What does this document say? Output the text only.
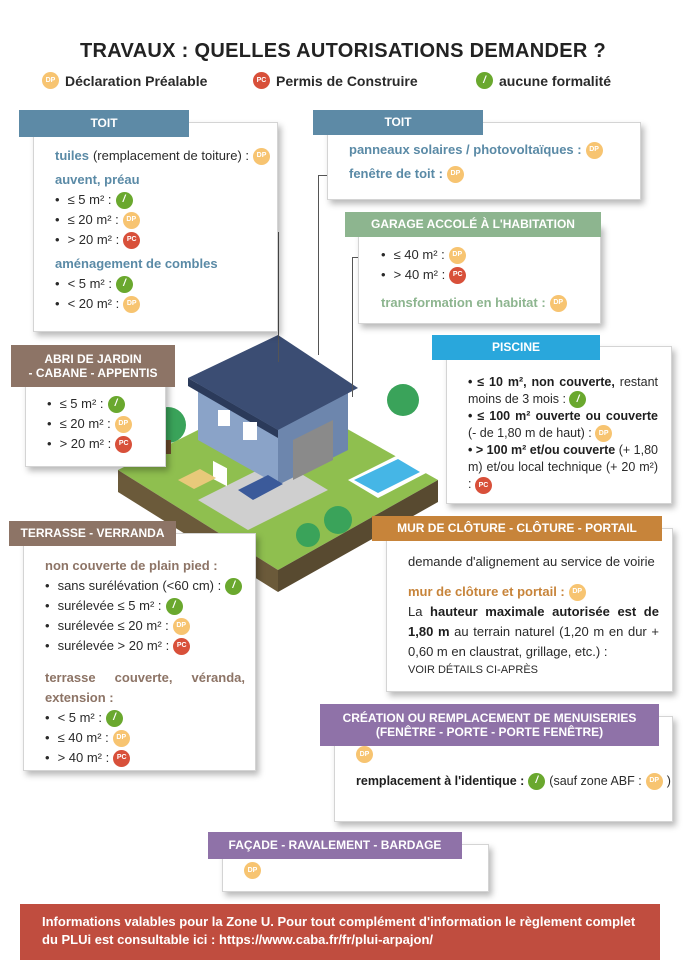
TRAVAUX : QUELLES AUTORISATIONS DEMANDER ?
DP Déclaration Préalable	PC Permis de Construire	/ aucune formalité
TOIT
tuiles (remplacement de toiture) :	DP
auvent, préau
• ≤ 5 m² :	/
• ≤ 20 m² :	DP
• > 20 m² :	PC
aménagement de combles
• < 5 m² :	/
• < 20 m² :	DP
TOIT
panneaux solaires / photovoltaïques :	DP
fenêtre de toit :	DP
GARAGE ACCOLÉ À L'HABITATION
• ≤ 40 m² :	DP
• > 40 m² :	PC
transformation en habitat :	DP
ABRI DE JARDIN
- CABANE - APPENTIS
• ≤ 5 m² :	/
• ≤ 20 m² :	DP
• > 20 m² :	PC
PISCINE
• ≤ 10 m², non couverte, restant moins de 3 mois : /
• ≤ 100 m² ouverte ou couverte (- de 1,80 m de haut) : DP
• > 100 m² et/ou couverte (+ 1,80 m) et/ou local technique (+ 20 m²) : PC
TERRASSE - VERRANDA
non couverte de plain pied :
• sans surélévation (<60 cm) :	/
• surélevée ≤ 5 m² :	/
• surélevée ≤ 20 m² :	DP
• surélevée > 20 m² :	PC
terrasse couverte, véranda, extension :
• < 5 m² :	/
• ≤ 40 m² :	DP
• > 40 m² :	PC
MUR DE CLÔTURE - CLÔTURE - PORTAIL
demande d'alignement au service de voirie
mur de clôture et portail :	DP
La hauteur maximale autorisée est de 1,80 m au terrain naturel (1,20 m en dur + 0,60 m en claustrat, grillage, etc.) :
VOIR DÉTAILS CI-APRÈS
CRÉATION OU REMPLACEMENT DE MENUISERIES
(FENÊTRE - PORTE - PORTE FENÊTRE)
DP
remplacement à l'identique :	/ (sauf zone ABF :	DP )
FAÇADE - RAVALEMENT - BARDAGE
DP
Informations valables pour la Zone U. Pour tout complément d'information le règlement complet du PLUi est consultable ici : https://www.caba.fr/fr/plui-arpajon/
